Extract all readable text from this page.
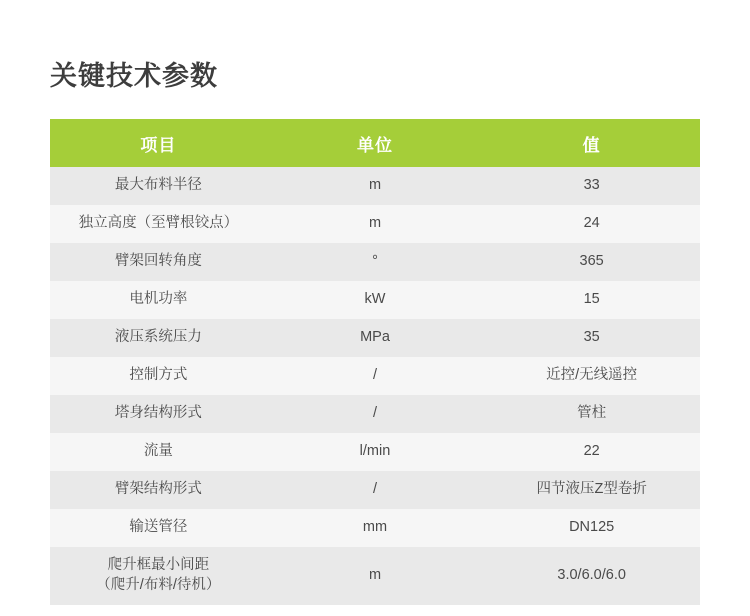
关键技术参数
项目	单位	值
最大布料半径	m	33
独立高度（至臂根铰点）	m	24
臂架回转角度	°	365
电机功率	kW	15
液压系统压力	MPa	35
控制方式	/	近控/无线遥控
塔身结构形式	/	管柱
流量	l/min	22
臂架结构形式	/	四节液压Z型卷折
输送管径	mm	DN125

爬升框最小间距
（爬升/布料/待机）	m	3.0/6.0/6.0
